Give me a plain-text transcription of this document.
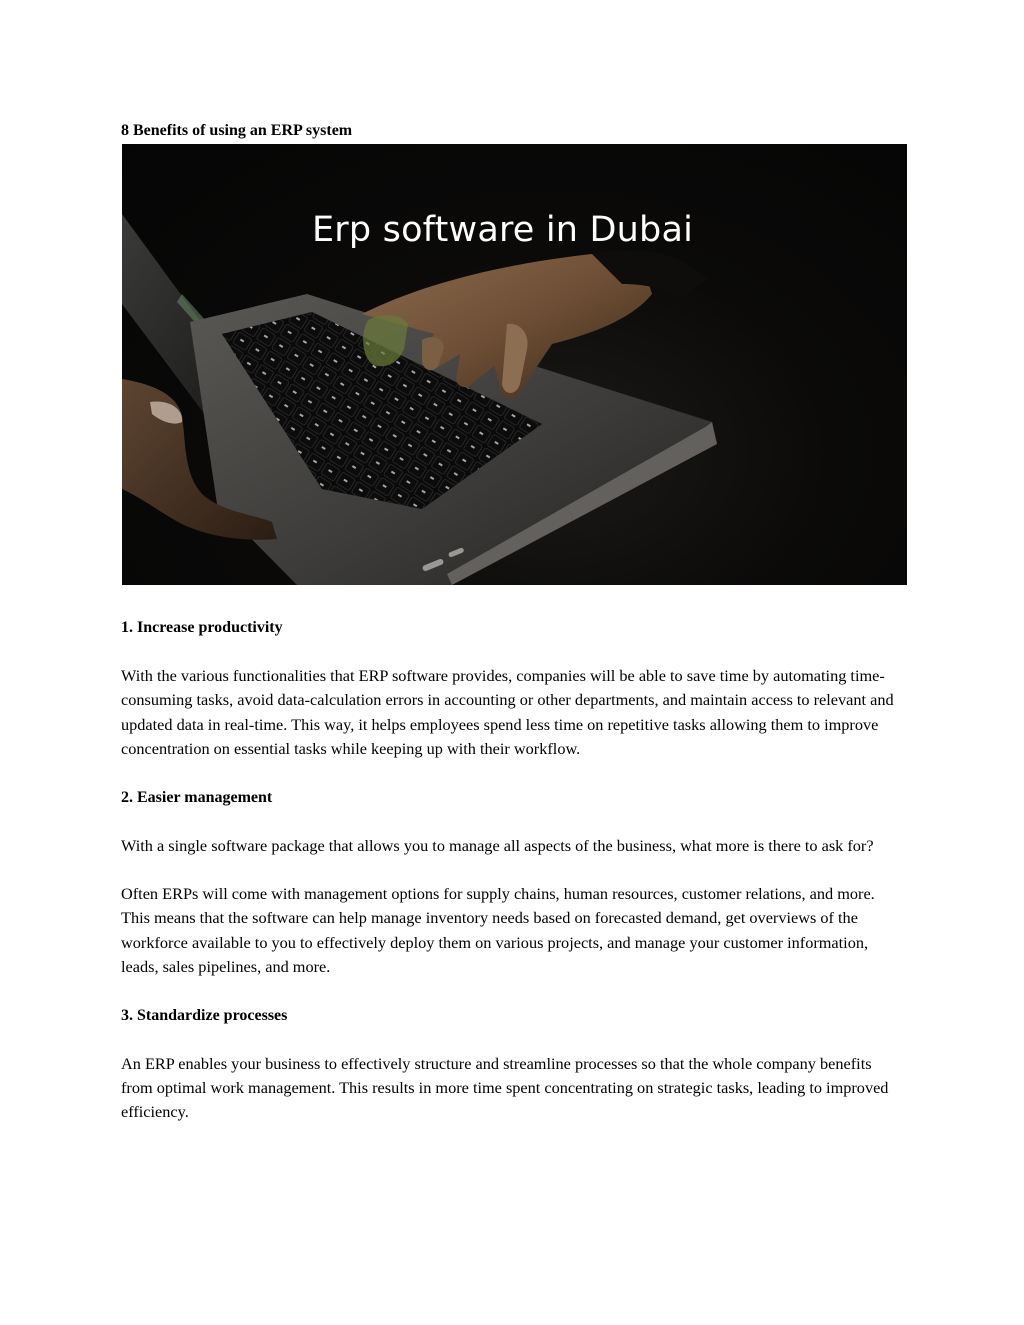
8 Benefits of using an ERP system
Erp software in Dubai
1. Increase productivity

With the various functionalities that ERP software provides, companies will be able to save time by automating time-consuming tasks, avoid data-calculation errors in accounting or other departments, and maintain access to relevant and updated data in real-time. This way, it helps employees spend less time on repetitive tasks allowing them to improve concentration on essential tasks while keeping up with their workflow.

2. Easier management

With a single software package that allows you to manage all aspects of the business, what more is there to ask for?

Often ERPs will come with management options for supply chains, human resources, customer relations, and more. This means that the software can help manage inventory needs based on forecasted demand, get overviews of the workforce available to you to effectively deploy them on various projects, and manage your customer information, leads, sales pipelines, and more.

3. Standardize processes

An ERP enables your business to effectively structure and streamline processes so that the whole company benefits from optimal work management. This results in more time spent concentrating on strategic tasks, leading to improved efficiency.
